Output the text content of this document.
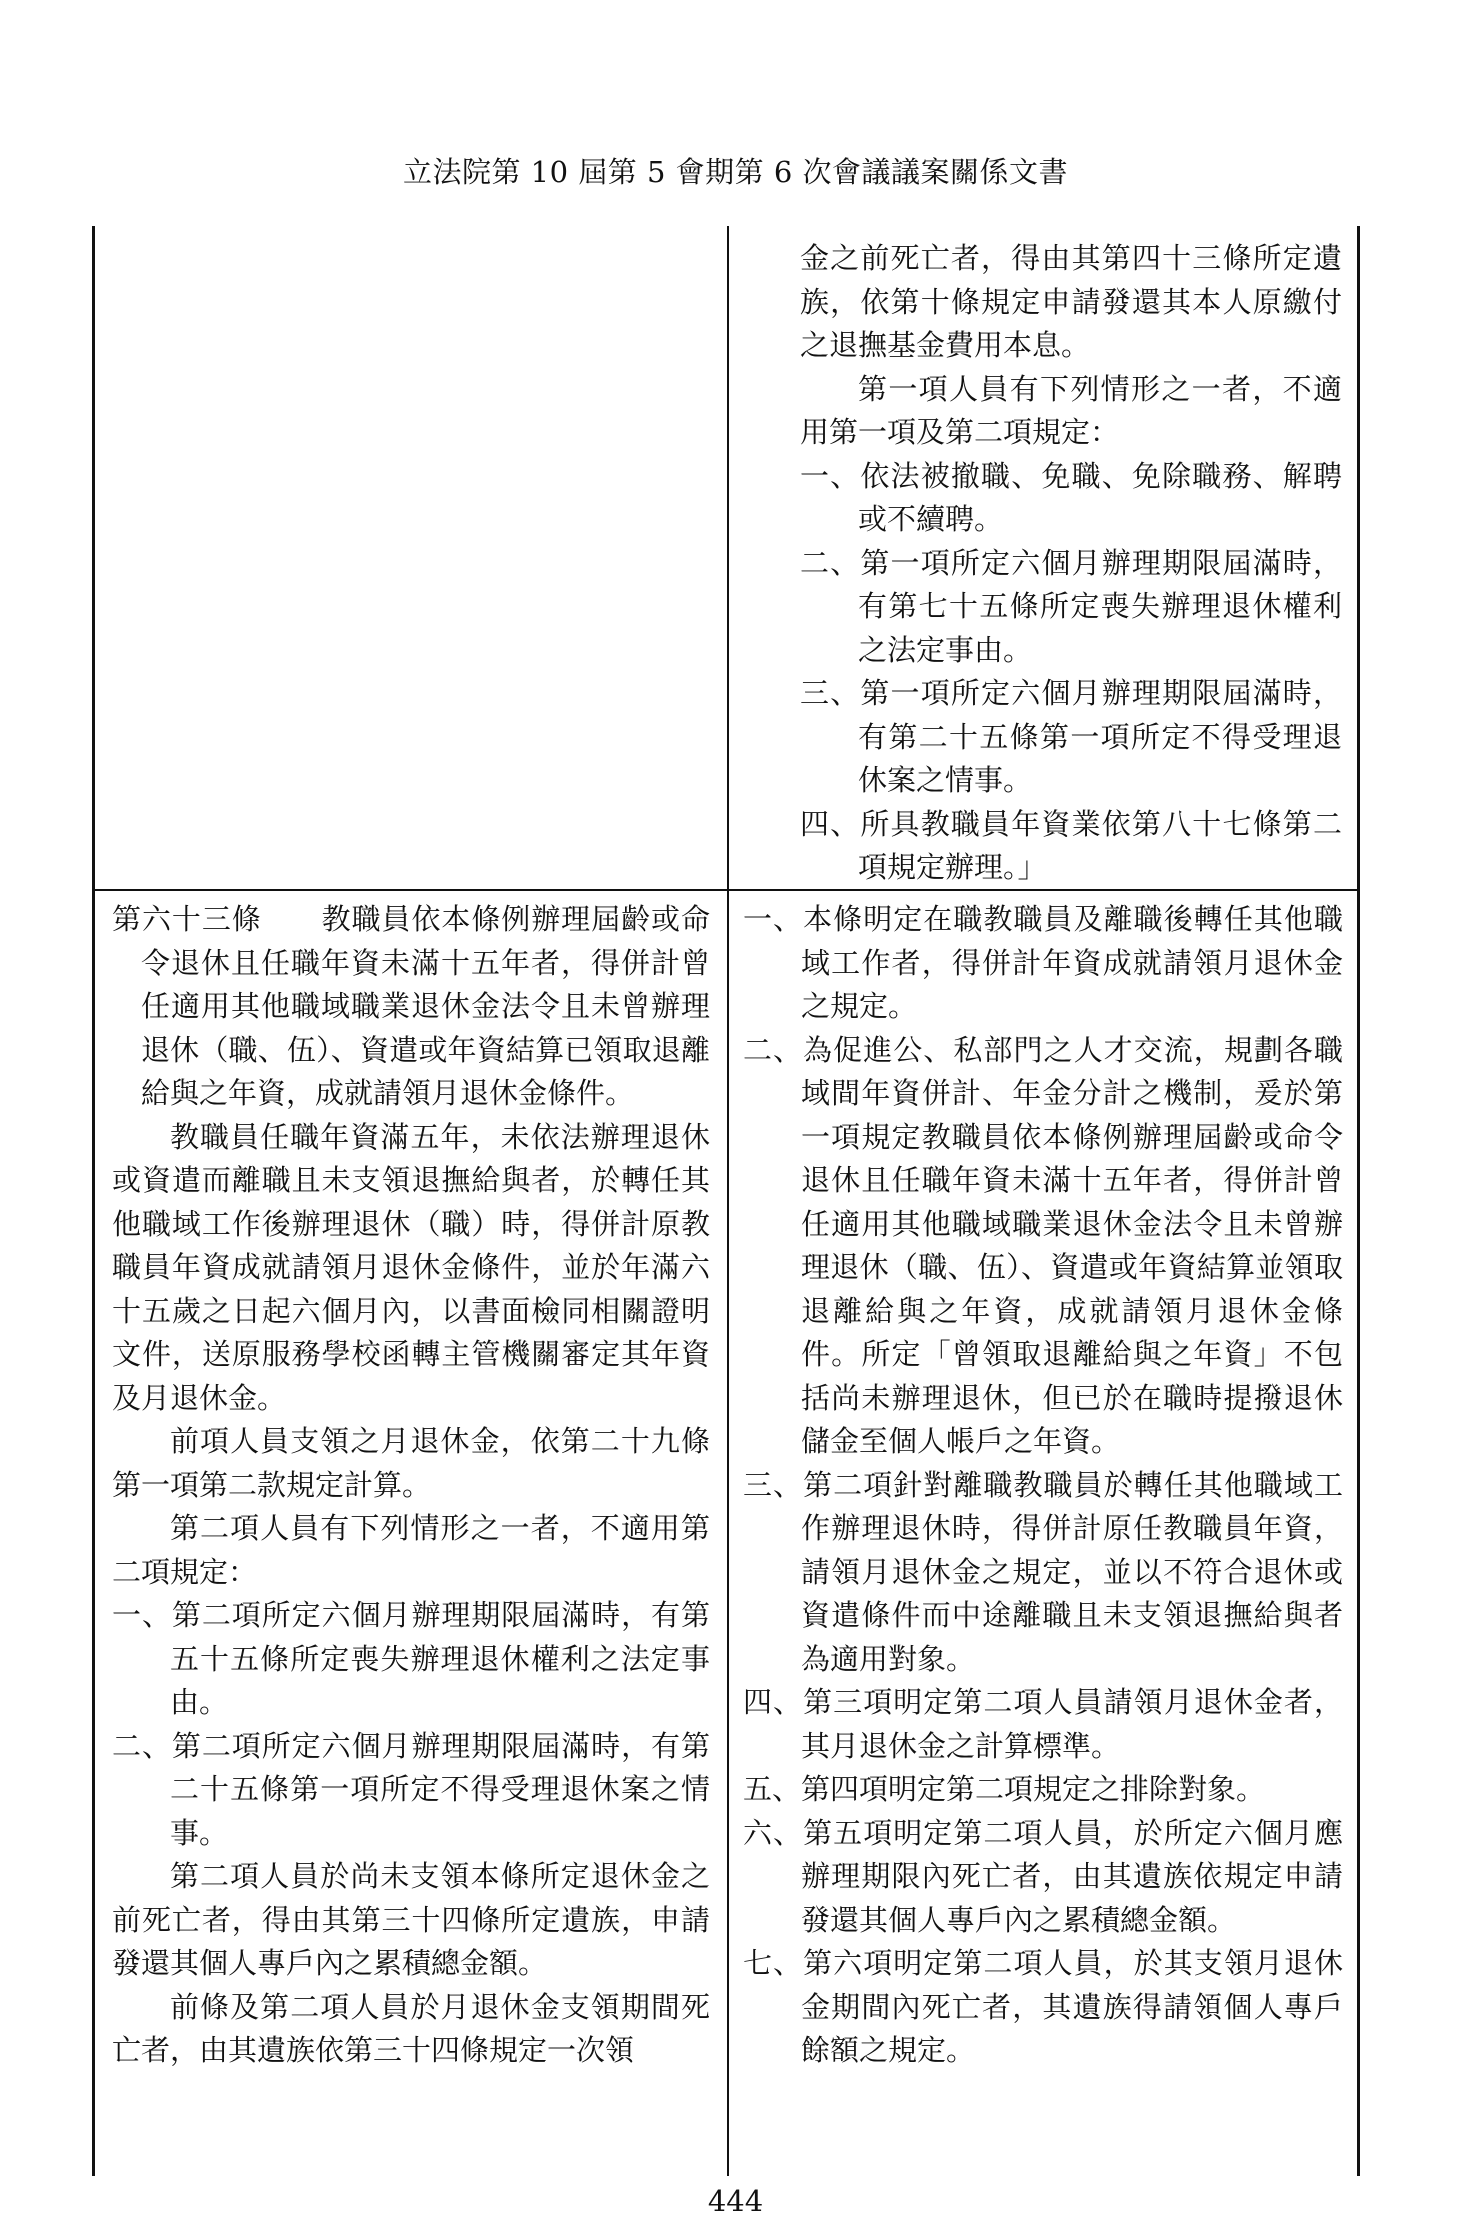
立法院第 10 屆第 5 會期第 6 次會議議案關係文書

金之前死亡者，得由其第四十三條所定遺族，依第十條規定申請發還其本人原繳付之退撫基金費用本息。

第一項人員有下列情形之一者，不適用第一項及第二項規定：

一、依法被撤職、免職、免除職務、解聘或不續聘。

二、第一項所定六個月辦理期限屆滿時，有第七十五條所定喪失辦理退休權利之法定事由。

三、第一項所定六個月辦理期限屆滿時，有第二十五條第一項所定不得受理退休案之情事。

四、所具教職員年資業依第八十七條第二項規定辦理。」

第六十三條　　 教職員依本條例辦理屆齡或命令退休且任職年資未滿十五年者，得併計曾任適用其他職域職業退休金法令且未曾辦理退休（職、伍）、資遣或年資結算已領取退離給與之年資，成就請領月退休金條件。

教職員任職年資滿五年，未依法辦理退休或資遣而離職且未支領退撫給與者，於轉任其他職域工作後辦理退休（職）時，得併計原教職員年資成就請領月退休金條件，並於年滿六十五歲之日起六個月內，以書面檢同相關證明文件，送原服務學校函轉主管機關審定其年資及月退休金。

前項人員支領之月退休金，依第二十九條第一項第二款規定計算。

第二項人員有下列情形之一者，不適用第二項規定：

一、第二項所定六個月辦理期限屆滿時，有第五十五條所定喪失辦理退休權利之法定事由。

二、第二項所定六個月辦理期限屆滿時，有第二十五條第一項所定不得受理退休案之情事。

第二項人員於尚未支領本條所定退休金之前死亡者，得由其第三十四條所定遺族，申請發還其個人專戶內之累積總金額。

前條及第二項人員於月退休金支領期間死亡者，由其遺族依第三十四條規定一次領

一、本條明定在職教職員及離職後轉任其他職域工作者，得併計年資成就請領月退休金之規定。

二、為促進公、私部門之人才交流，規劃各職域間年資併計、年金分計之機制，爰於第一項規定教職員依本條例辦理屆齡或命令退休且任職年資未滿十五年者，得併計曾任適用其他職域職業退休金法令且未曾辦理退休（職、伍）、資遣或年資結算並領取退離給與之年資，成就請領月退休金條件。所定「曾領取退離給與之年資」不包括尚未辦理退休，但已於在職時提撥退休儲金至個人帳戶之年資。

三、第二項針對離職教職員於轉任其他職域工作辦理退休時，得併計原任教職員年資，請領月退休金之規定，並以不符合退休或資遣條件而中途離職且未支領退撫給與者為適用對象。

四、第三項明定第二項人員請領月退休金者，其月退休金之計算標準。

五、第四項明定第二項規定之排除對象。

六、第五項明定第二項人員，於所定六個月應辦理期限內死亡者，由其遺族依規定申請發還其個人專戶內之累積總金額。

七、第六項明定第二項人員，於其支領月退休金期間內死亡者，其遺族得請領個人專戶餘額之規定。

444
